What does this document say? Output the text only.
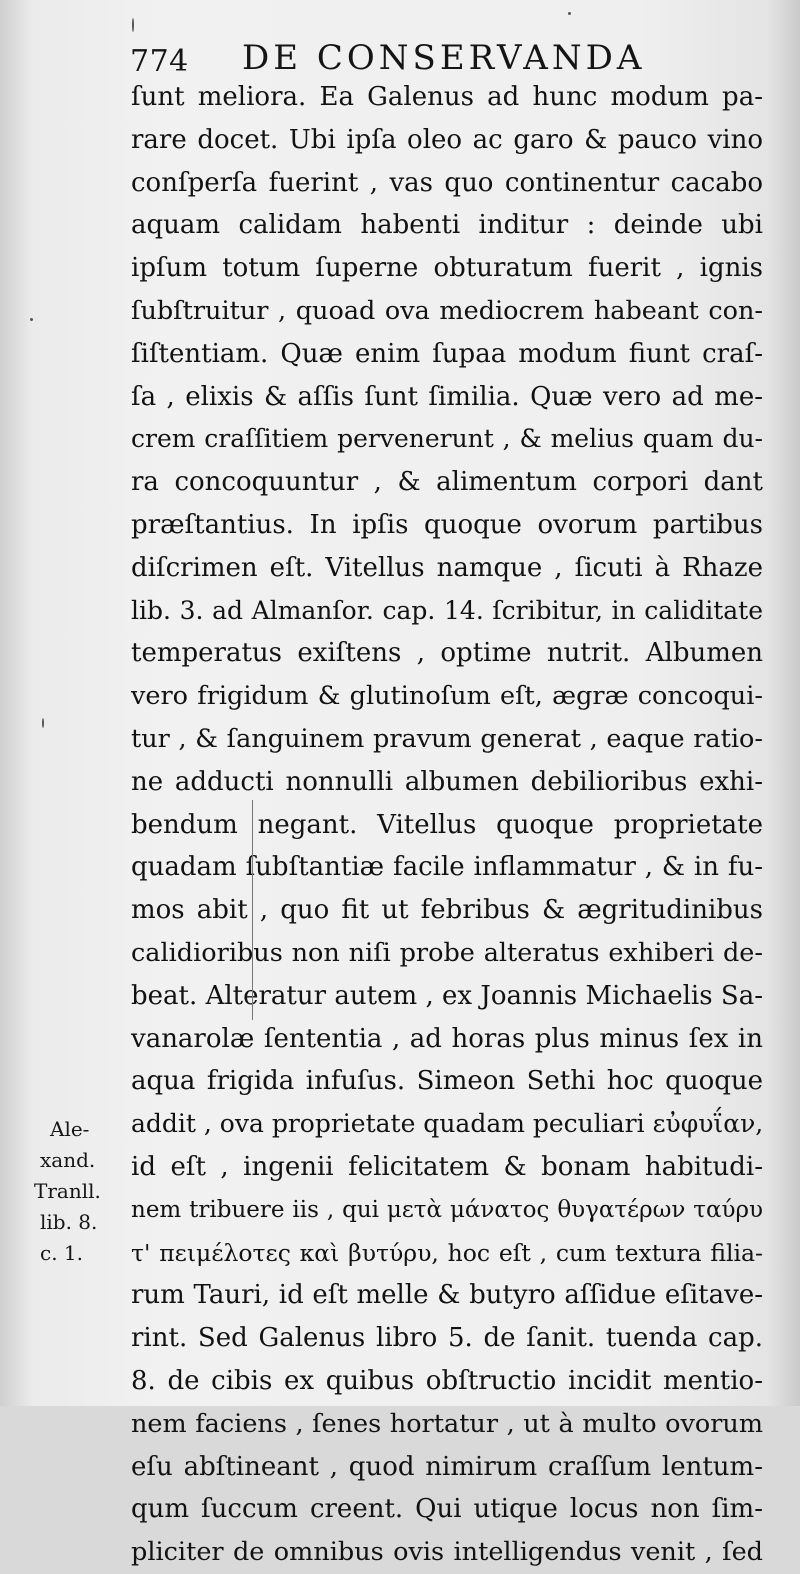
774 DE CONSERVANDA
ſunt meliora. Ea Galenus ad hunc modum pa-
rare docet. Ubi ipſa oleo ac garo & pauco vino
conſperſa fuerint , vas quo continentur cacabo
aquam calidam habenti inditur : deinde ubi
ipſum totum ſuperne obturatum fuerit , ignis
ſubſtruitur , quoad ova mediocrem habeant con-
ſiſtentiam. Quæ enim ſupaa modum fiunt craſ-
ſa , elixis & aſſis ſunt ſimilia. Quæ vero ad me-
crem craſſitiem pervenerunt , & melius quam du-
ra concoquuntur , & alimentum corpori dant
præſtantius. In ipſis quoque ovorum partibus
diſcrimen eſt. Vitellus namque , ſicuti à Rhaze
lib. 3. ad Almanſor. cap. 14. ſcribitur, in caliditate
temperatus exiſtens , optime nutrit. Albumen
vero frigidum & glutinoſum eſt, ægræ concoqui-
tur , & ſanguinem pravum generat , eaque ratio-
ne adducti nonnulli albumen debilioribus exhi-
bendum negant. Vitellus quoque proprietate
quadam ſubſtantiæ facile inflammatur , & in fu-
mos abit , quo fit ut febribus & ægritudinibus
calidioribus non niſi probe alteratus exhiberi de-
beat. Alteratur autem , ex Joannis Michaelis Sa-
vanarolæ ſententia , ad horas plus minus ſex in
aqua frigida infuſus. Simeon Sethi hoc quoque
addit , ova proprietate quadam peculiari εὐφυΐαν,
id eſt , ingenii felicitatem & bonam habitudi-
nem tribuere iis , qui μετὰ μάνατος θυγατέρων ταύρυ
τ' πειμέλοτες καὶ βυτύρυ, hoc eſt , cum textura filia-
rum Tauri, id eſt melle & butyro aſſidue eſitave-
rint. Sed Galenus libro 5. de ſanit. tuenda cap.
8. de cibis ex quibus obſtructio incidit mentio-
nem faciens , ſenes hortatur , ut à multo ovorum
eſu abſtineant , quod nimirum craſſum lentum-
qum ſuccum creent. Qui utique locus non ſim-
pliciter de omnibus ovis intelligendus venit , ſed
Ale-
xand.
Tranll.
lib. 8.
c. 1.
